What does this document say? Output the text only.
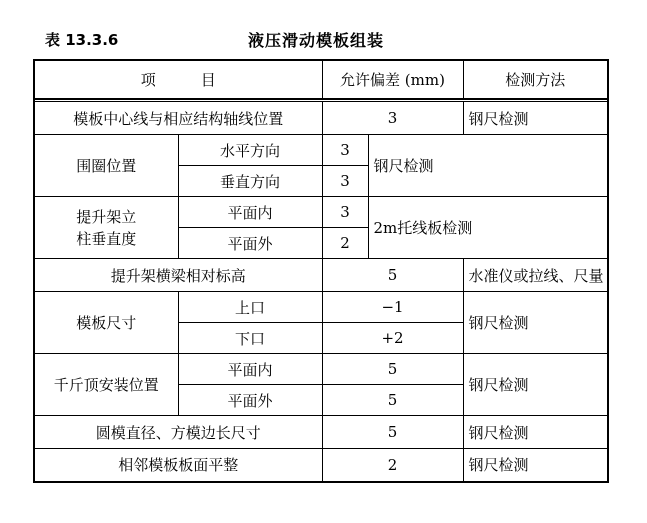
表 13.3.6	液压滑动模板组装
项　　　目		允许偏差 (mm)		检测方法

模板中心线与相应结构轴线位置		3		钢尺检测
围圈位置	水平方向	3	钢尺检测	
	垂直方向	3		

提升架立
柱垂直度	平面内	3	2m托线板检测	
	平面外	2		
提升架横梁相对标高		5		水准仪或拉线、尺量
模板尺寸	上口	−1		钢尺检测
	下口	+2		
千斤顶安装位置	平面内	5		钢尺检测
	平面外	5		
圆模直径、方模边长尺寸		5		钢尺检测
相邻模板板面平整		2		钢尺检测
